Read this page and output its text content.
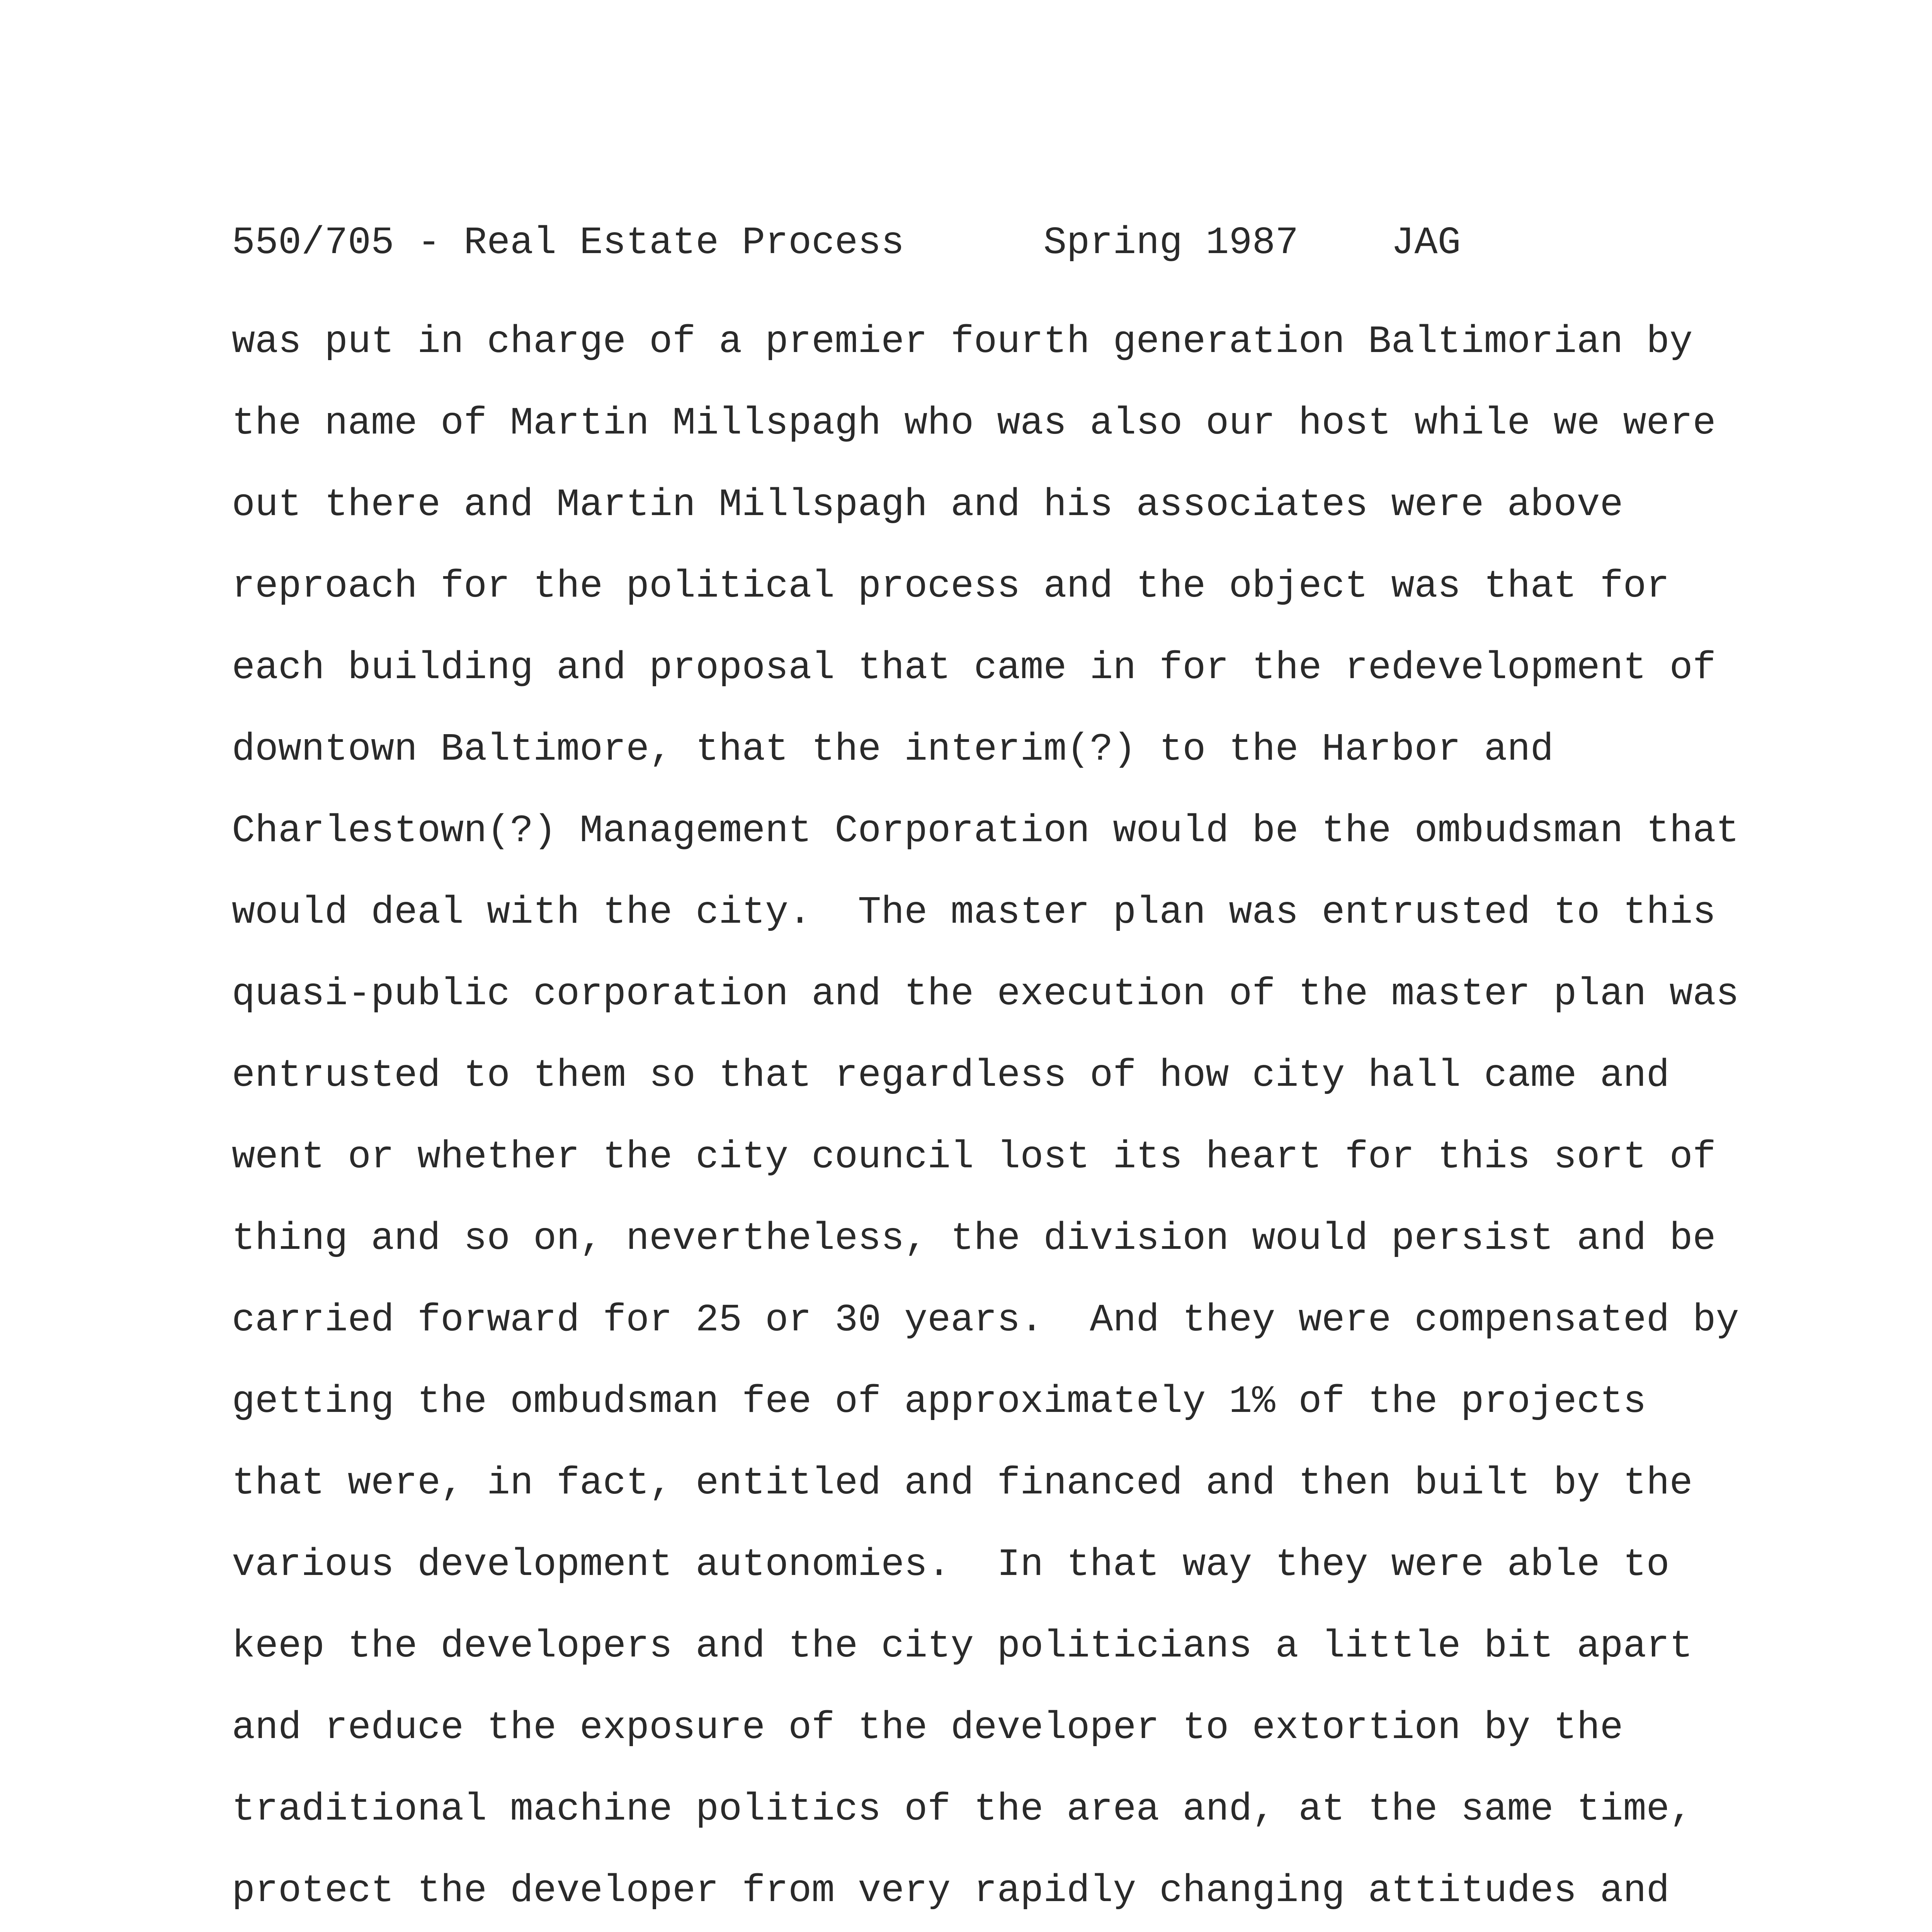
550/705 - Real Estate Process	Spring 1987 JAG
was put in charge of a premier fourth generation Baltimorian by
the name of Martin Millspagh who was also our host while we were
out there and Martin Millspagh and his associates were above
reproach for the political process and the object was that for
each building and proposal that came in for the redevelopment of
downtown Baltimore, that the interim(?) to the Harbor and
Charlestown(?) Management Corporation would be the ombudsman that
would deal with the city.  The master plan was entrusted to this
quasi-public corporation and the execution of the master plan was
entrusted to them so that regardless of how city hall came and
went or whether the city council lost its heart for this sort of
thing and so on, nevertheless, the division would persist and be
carried forward for 25 or 30 years.  And they were compensated by
getting the ombudsman fee of approximately 1% of the projects
that were, in fact, entitled and financed and then built by the
various development autonomies.  In that way they were able to
keep the developers and the city politicians a little bit apart
and reduce the exposure of the developer to extortion by the
traditional machine politics of the area and, at the same time,
protect the developer from very rapidly changing attitudes and
